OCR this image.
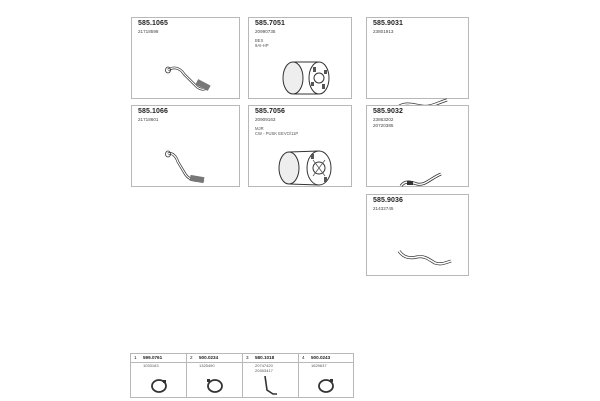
585.1065
21718598
585.7051
20990735
BEX
9AI-HP
585.9031
23801913
585.1066
21718601
585.7056
20909163
MJR
CW - PUSK EEVO/11P
585.9032
23863202
20720385
585.9036
21432745
1 599.0761
1033163
2 500.0234
1325490
3 580.1018
20747420
20453417
4 500.0243
1629637
